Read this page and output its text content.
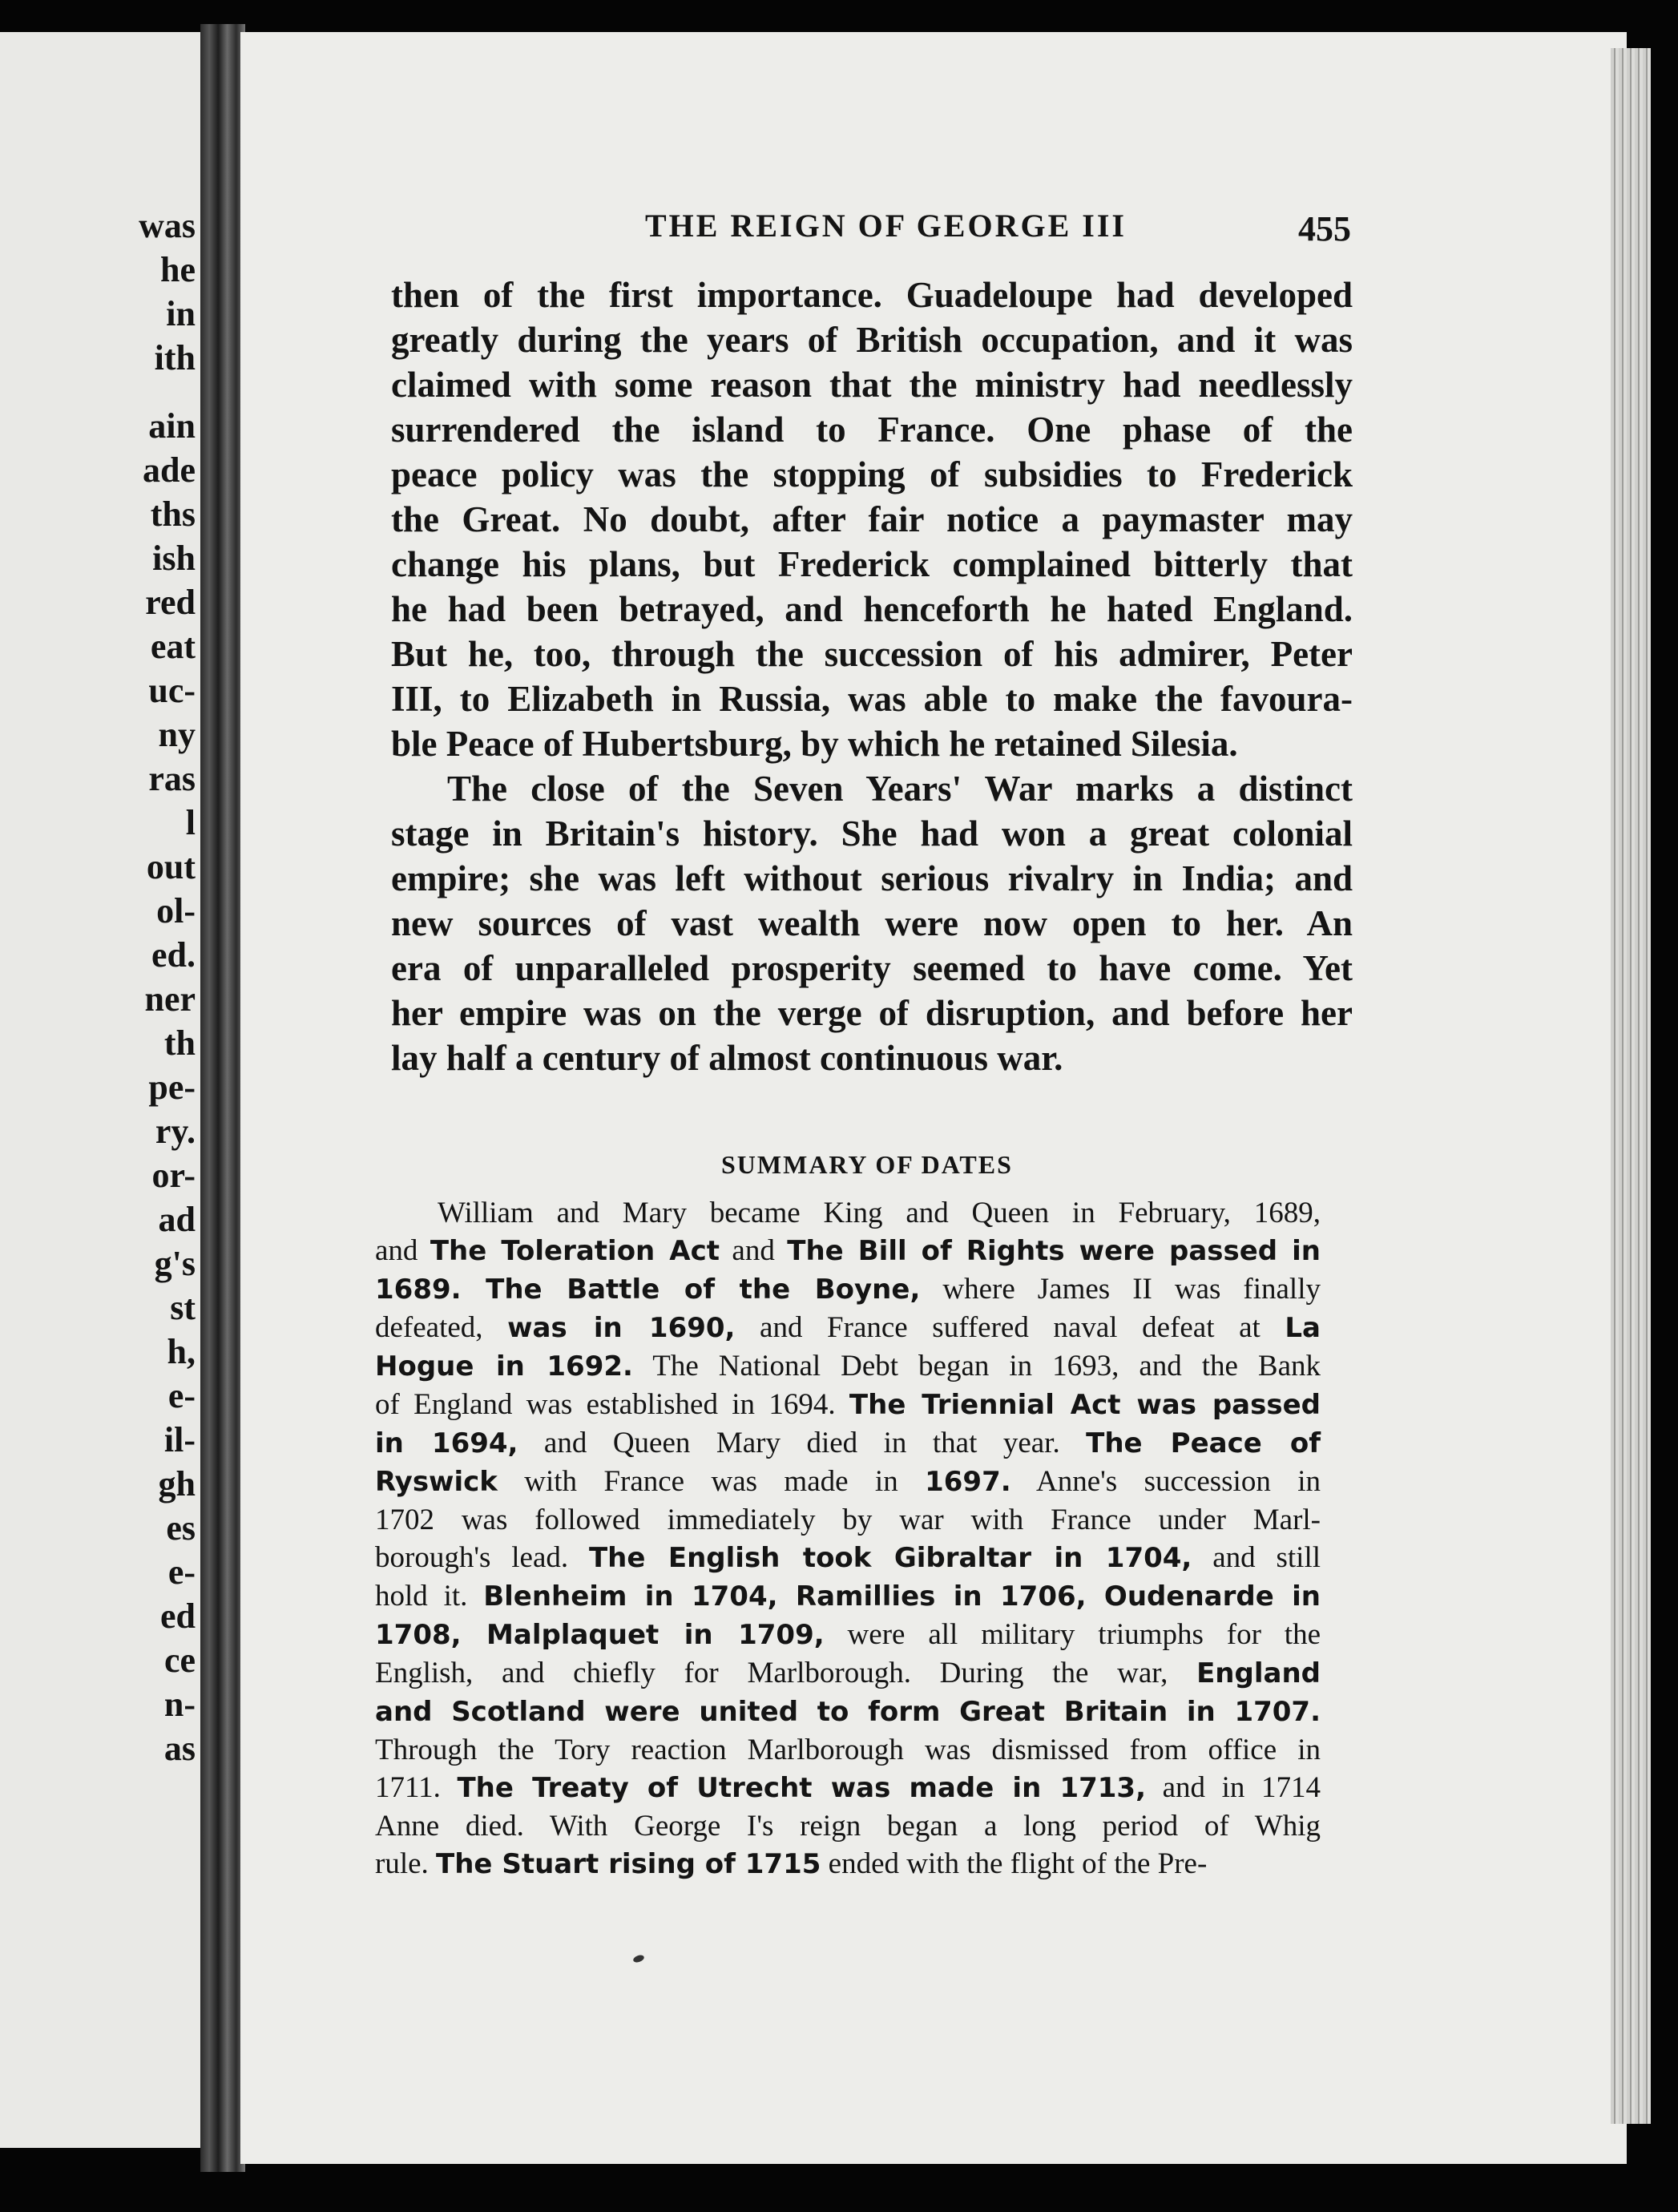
was
he
in
ith
ain
ade
ths
ish
red
eat
uc-
ny
ras
l
out
ol-
ed.
ner
th
pe-
ry.
or-
ad
g's
st
h,
e-
il-
gh
es
e-
ed
ce
n-
as
THE REIGN OF GEORGE III	455
then of the first importance. Guadeloupe had developed
greatly during the years of British occupation, and it was
claimed with some reason that the ministry had needlessly
surrendered the island to France. One phase of the
peace policy was the stopping of subsidies to Frederick
the Great. No doubt, after fair notice a paymaster may
change his plans, but Frederick complained bitterly that
he had been betrayed, and henceforth he hated England.
But he, too, through the succession of his admirer, Peter
III, to Elizabeth in Russia, was able to make the favoura-
ble Peace of Hubertsburg, by which he retained Silesia.
The close of the Seven Years' War marks a distinct
stage in Britain's history. She had won a great colonial
empire; she was left without serious rivalry in India; and
new sources of vast wealth were now open to her. An
era of unparalleled prosperity seemed to have come. Yet
her empire was on the verge of disruption, and before her
lay half a century of almost continuous war.
SUMMARY OF DATES
William and Mary became King and Queen in February, 1689,
and The Toleration Act and The Bill of Rights were passed in
1689. The Battle of the Boyne, where James II was finally
defeated, was in 1690, and France suffered naval defeat at La
Hogue in 1692. The National Debt began in 1693, and the Bank
of England was established in 1694. The Triennial Act was passed
in 1694, and Queen Mary died in that year. The Peace of
Ryswick with France was made in 1697. Anne's succession in
1702 was followed immediately by war with France under Marl-
borough's lead. The English took Gibraltar in 1704, and still
hold it. Blenheim in 1704, Ramillies in 1706, Oudenarde in
1708, Malplaquet in 1709, were all military triumphs for the
English, and chiefly for Marlborough. During the war, England
and Scotland were united to form Great Britain in 1707.
Through the Tory reaction Marlborough was dismissed from office in
1711. The Treaty of Utrecht was made in 1713, and in 1714
Anne died. With George I's reign began a long period of Whig
rule. The Stuart rising of 1715 ended with the flight of the Pre-
